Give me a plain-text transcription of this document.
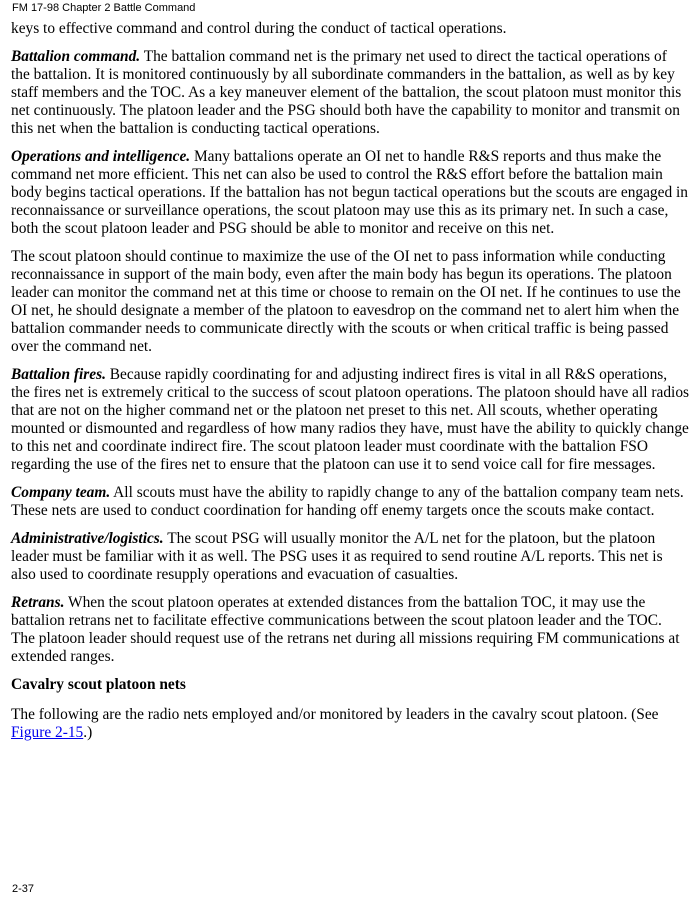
FM 17-98 Chapter 2 Battle Command

keys to effective command and control during the conduct of tactical operations.

Battalion command. The battalion command net is the primary net used to direct the tactical operations of the battalion. It is monitored continuously by all subordinate commanders in the battalion, as well as by key staff members and the TOC. As a key maneuver element of the battalion, the scout platoon must monitor this net continuously. The platoon leader and the PSG should both have the capability to monitor and transmit on this net when the battalion is conducting tactical operations.

Operations and intelligence. Many battalions operate an OI net to handle R&S reports and thus make the command net more efficient. This net can also be used to control the R&S effort before the battalion main body begins tactical operations. If the battalion has not begun tactical operations but the scouts are engaged in reconnaissance or surveillance operations, the scout platoon may use this as its primary net. In such a case, both the scout platoon leader and PSG should be able to monitor and receive on this net.

The scout platoon should continue to maximize the use of the OI net to pass information while conducting reconnaissance in support of the main body, even after the main body has begun its operations. The platoon leader can monitor the command net at this time or choose to remain on the OI net. If he continues to use the OI net, he should designate a member of the platoon to eavesdrop on the command net to alert him when the battalion commander needs to communicate directly with the scouts or when critical traffic is being passed over the command net.

Battalion fires. Because rapidly coordinating for and adjusting indirect fires is vital in all R&S operations, the fires net is extremely critical to the success of scout platoon operations. The platoon should have all radios that are not on the higher command net or the platoon net preset to this net. All scouts, whether operating mounted or dismounted and regardless of how many radios they have, must have the ability to quickly change to this net and coordinate indirect fire. The scout platoon leader must coordinate with the battalion FSO regarding the use of the fires net to ensure that the platoon can use it to send voice call for fire messages.

Company team. All scouts must have the ability to rapidly change to any of the battalion company team nets. These nets are used to conduct coordination for handing off enemy targets once the scouts make contact.

Administrative/logistics. The scout PSG will usually monitor the A/L net for the platoon, but the platoon leader must be familiar with it as well. The PSG uses it as required to send routine A/L reports. This net is also used to coordinate resupply operations and evacuation of casualties.

Retrans. When the scout platoon operates at extended distances from the battalion TOC, it may use the battalion retrans net to facilitate effective communications between the scout platoon leader and the TOC. The platoon leader should request use of the retrans net during all missions requiring FM communications at extended ranges.

Cavalry scout platoon nets

The following are the radio nets employed and/or monitored by leaders in the cavalry scout platoon. (See Figure 2-15.)

2-37
